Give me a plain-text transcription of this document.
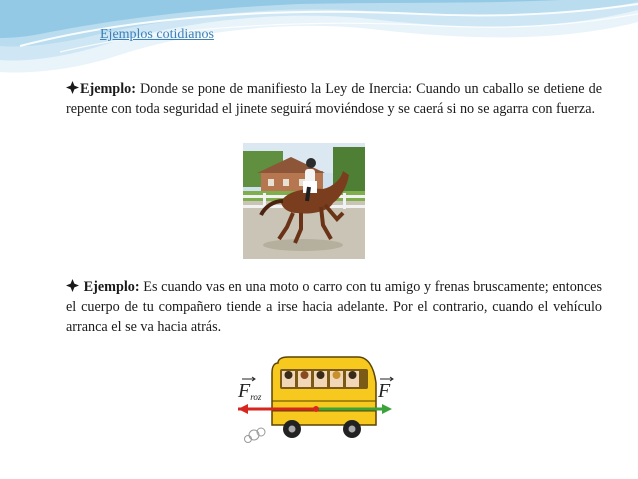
Ejemplos cotidianos

Ejemplo: Donde se pone de manifiesto la Ley de Inercia: Cuando un caballo se detiene de repente con toda seguridad el jinete seguirá moviéndose y se caerá si no se agarra con fuerza.

Ejemplo: Es cuando vas en una moto o carro con tu amigo y frenas bruscamente; entonces el cuerpo de tu compañero tiende a irse hacia adelante. Por el contrario, cuando el vehículo arranca el se va hacia atrás.

Froz	F
